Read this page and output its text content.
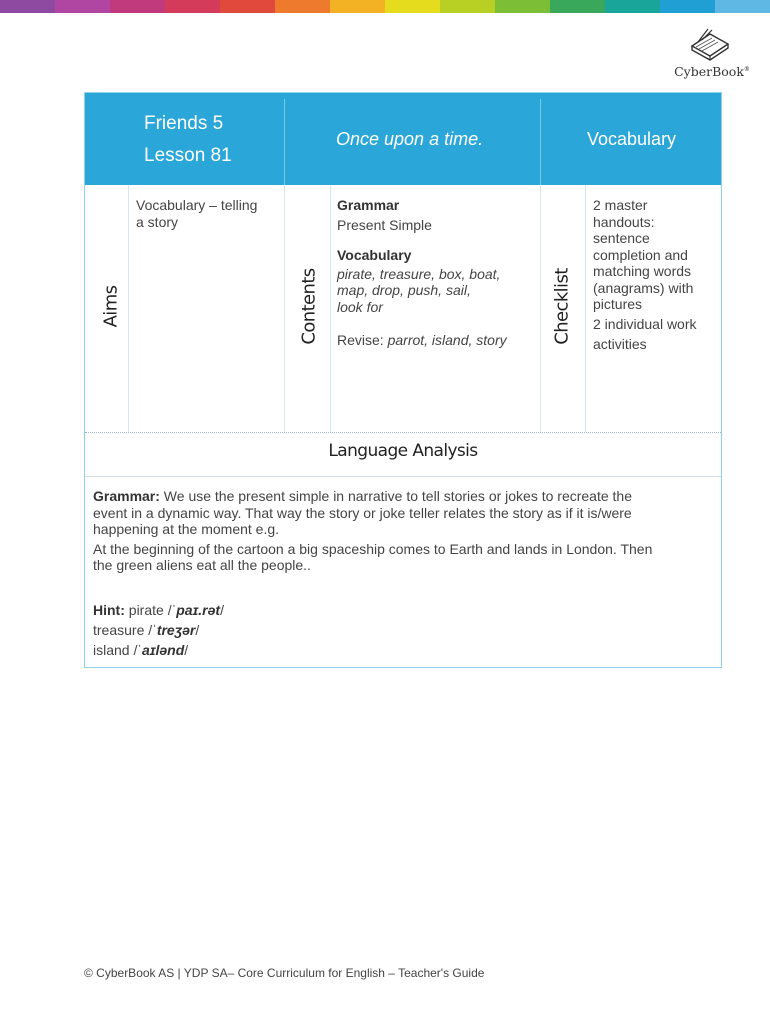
CyberBook®
Friends 5
Lesson 81
Once upon a time.	Vocabulary
Aims
Vocabulary – telling
a story
Contents
Grammar
Present Simple
Vocabulary
pirate, treasure, box, boat,
map, drop, push, sail,
look for
Revise: parrot, island, story Checklist
2 master
handouts:
sentence
completion and
matching words
(anagrams) with
pictures
2 individual work
activities
Language Analysis
Grammar: We use the present simple in narrative to tell stories or jokes to recreate the
event in a dynamic way. That way the story or joke teller relates the story as if it is/were
happening at the moment e.g.
At the beginning of the cartoon a big spaceship comes to Earth and lands in London. Then
the green aliens eat all the people..
Hint: pirate /ˈpaɪ.rət/
treasure /ˈtreʒər/
island /ˈaɪlənd/
© CyberBook AS | YDP SA– Core Curriculum for English – Teacher's Guide
